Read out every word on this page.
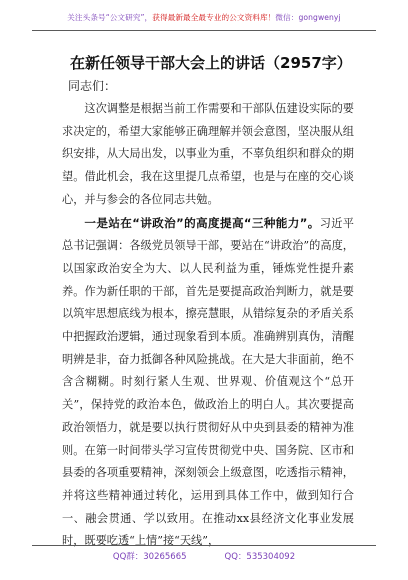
关注头条号“公文研究”，获得最新最全最专业的公文资料库！微信：gongwenyj
在新任领导干部大会上的讲话（2957字）
同志们：

这次调整是根据当前工作需要和干部队伍建设实际的要求决定的，希望大家能够正确理解并领会意图，坚决服从组织安排，从大局出发，以事业为重，不辜负组织和群众的期望。借此机会，我在这里提几点希望，也是与在座的交心谈心，并与参会的各位同志共勉。

一是站在“讲政治”的高度提高“三种能力”。习近平总书记强调：各级党员领导干部，要站在“讲政治”的高度，以国家政治安全为大、以人民利益为重，锤炼党性提升素养。作为新任职的干部，首先是要提高政治判断力，就是要以筑牢思想底线为根本，擦亮慧眼，从错综复杂的矛盾关系中把握政治逻辑，通过现象看到本质。准确辨别真伪，清醒明辨是非，奋力抵御各种风险挑战。在大是大非面前，绝不含含糊糊。时刻行紧人生观、世界观、价值观这个“总开关”，保持党的政治本色，做政治上的明白人。其次要提高政治领悟力，就是要以执行贯彻好从中央到县委的精神为准则。在第一时间带头学习宣传贯彻党中央、国务院、区市和县委的各项重要精神，深刻领会上级意图，吃透指示精神，并将这些精神通过转化，运用到具体工作中，做到知行合一、融会贯通、学以致用。在推动xx县经济文化事业发展时，既要吃透“上情”接“天线”，

QQ群：30265665	QQ：535304092
